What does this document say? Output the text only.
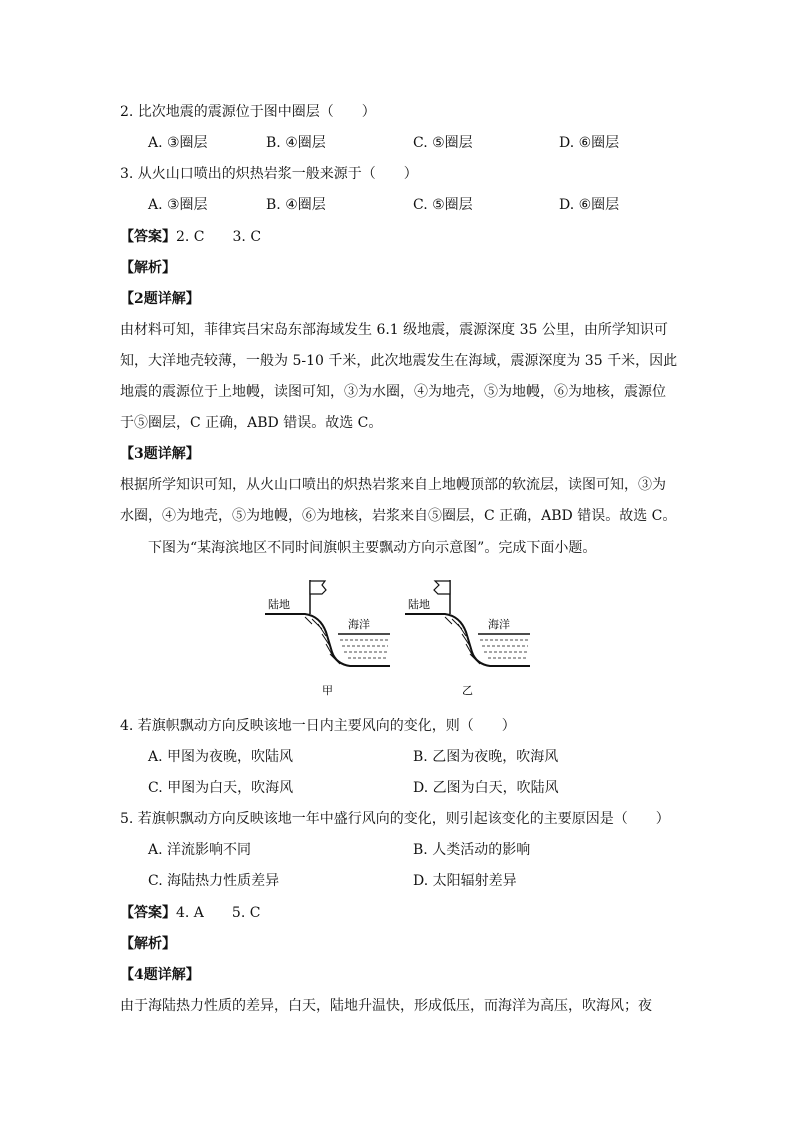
2. 比次地震的震源位于图中圈层（　　）
A. ③圈层	B. ④圈层	C. ⑤圈层	D. ⑥圈层
3. 从火山口喷出的炽热岩浆一般来源于（　　）
A. ③圈层	B. ④圈层	C. ⑤圈层	D. ⑥圈层
【答案】2. C　　3. C
【解析】
【2题详解】
由材料可知，菲律宾吕宋岛东部海域发生 6.1 级地震，震源深度 35 公里，由所学知识可
知，大洋地壳较薄，一般为 5-10 千米，此次地震发生在海域，震源深度为 35 千米，因此
地震的震源位于上地幔，读图可知，③为水圈，④为地壳，⑤为地幔，⑥为地核，震源位
于⑤圈层，C 正确，ABD 错误。故选 C。
【3题详解】
根据所学知识可知，从火山口喷出的炽热岩浆来自上地幔顶部的软流层，读图可知，③为
水圈，④为地壳，⑤为地幔，⑥为地核，岩浆来自⑤圈层，C 正确，ABD 错误。故选 C。
下图为“某海滨地区不同时间旗帜主要飘动方向示意图”。完成下面小题。
陆地
海洋
甲
陆地
海洋
乙
4. 若旗帜飘动方向反映该地一日内主要风向的变化，则（　　）
A. 甲图为夜晚，吹陆风	B. 乙图为夜晚，吹海风
C. 甲图为白天，吹海风	D. 乙图为白天，吹陆风
5. 若旗帜飘动方向反映该地一年中盛行风向的变化，则引起该变化的主要原因是（　　）
A. 洋流影响不同	B. 人类活动的影响
C. 海陆热力性质差异	D. 太阳辐射差异
【答案】4. A　　5. C
【解析】
【4题详解】
由于海陆热力性质的差异，白天，陆地升温快，形成低压，而海洋为高压，吹海风；夜
